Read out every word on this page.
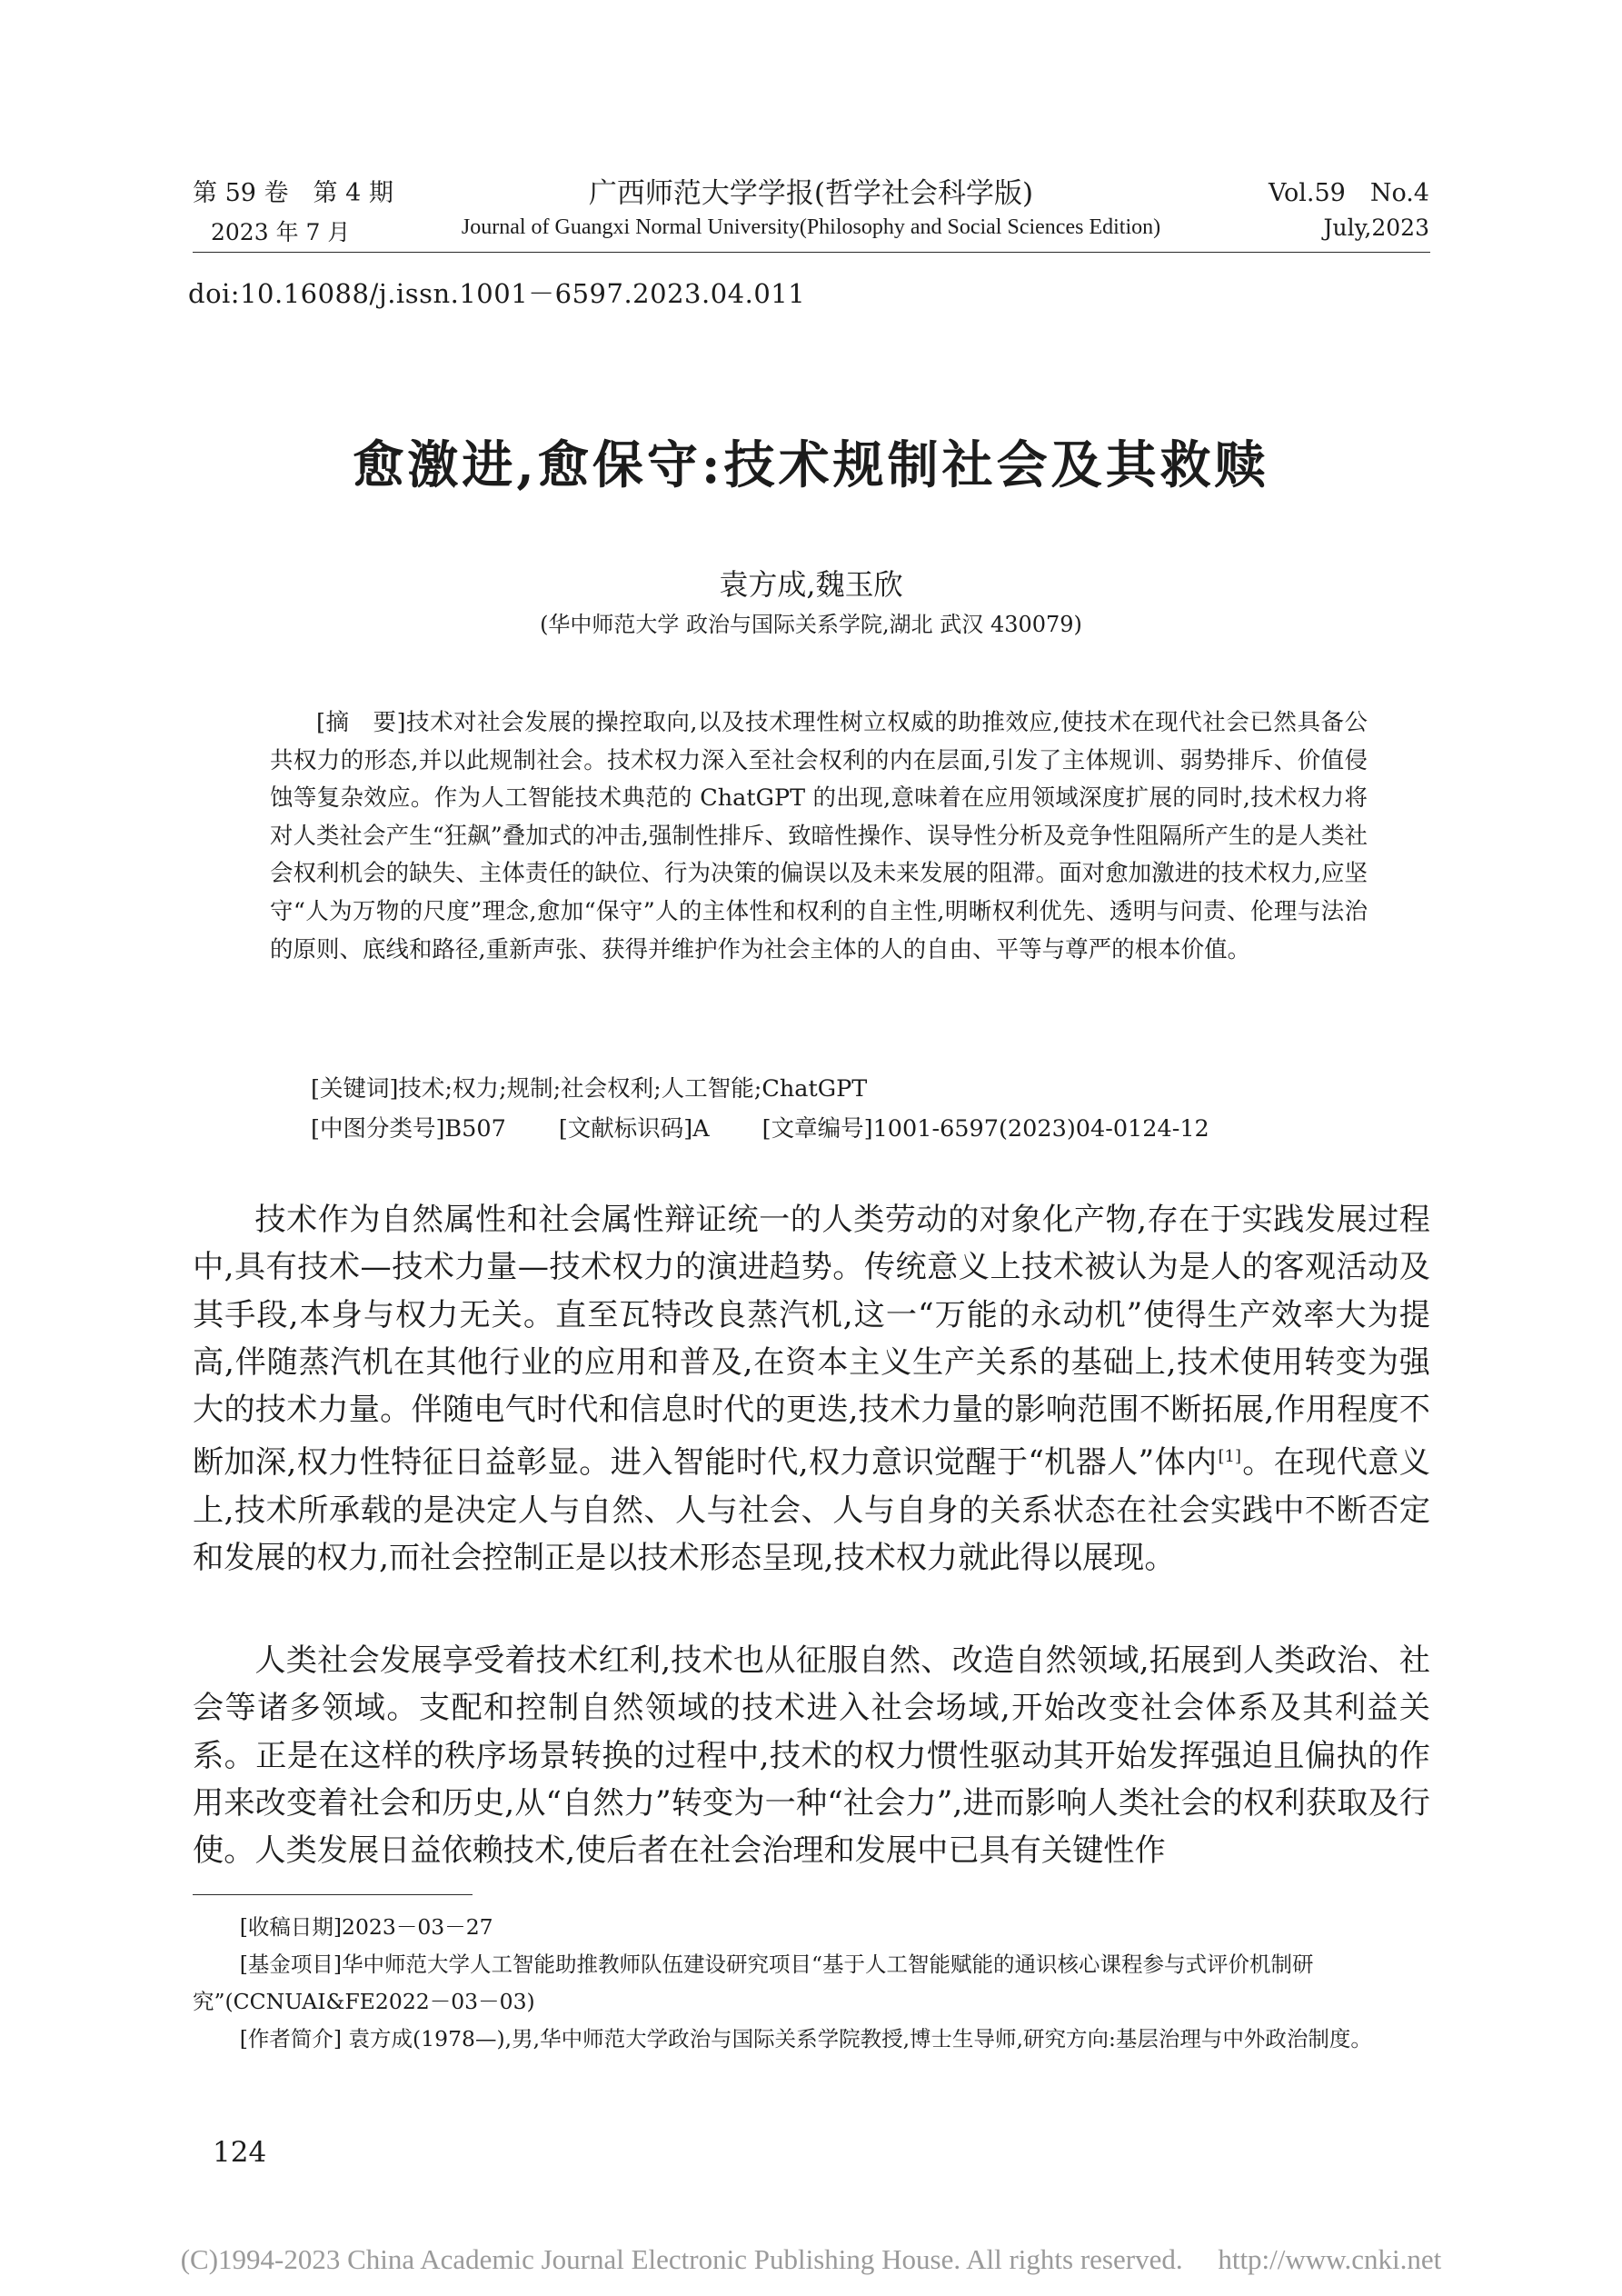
第 59 卷　第 4 期	广西师范大学学报(哲学社会科学版)	Vol.59　No.4
2023 年 7 月	Journal of Guangxi Normal University(Philosophy and Social Sciences Edition)	July,2023
doi:10.16088/j.issn.1001－6597.2023.04.011
愈激进,愈保守:技术规制社会及其救赎
袁方成,魏玉欣
(华中师范大学 政治与国际关系学院,湖北 武汉 430079)
[摘　要]技术对社会发展的操控取向,以及技术理性树立权威的助推效应,使技术在现代社会已然具备公共权力的形态,并以此规制社会。技术权力深入至社会权利的内在层面,引发了主体规训、弱势排斥、价值侵蚀等复杂效应。作为人工智能技术典范的 ChatGPT 的出现,意味着在应用领域深度扩展的同时,技术权力将对人类社会产生“狂飙”叠加式的冲击,强制性排斥、致暗性操作、误导性分析及竞争性阻隔所产生的是人类社会权利机会的缺失、主体责任的缺位、行为决策的偏误以及未来发展的阻滞。面对愈加激进的技术权力,应坚守“人为万物的尺度”理念,愈加“保守”人的主体性和权利的自主性,明晰权利优先、透明与问责、伦理与法治的原则、底线和路径,重新声张、获得并维护作为社会主体的人的自由、平等与尊严的根本价值。
[关键词]技术;权力;规制;社会权利;人工智能;ChatGPT
[中图分类号]B507 [文献标识码]A [文章编号]1001-6597(2023)04-0124-12

技术作为自然属性和社会属性辩证统一的人类劳动的对象化产物,存在于实践发展过程中,具有技术—技术力量—技术权力的演进趋势。传统意义上技术被认为是人的客观活动及其手段,本身与权力无关。直至瓦特改良蒸汽机,这一“万能的永动机”使得生产效率大为提高,伴随蒸汽机在其他行业的应用和普及,在资本主义生产关系的基础上,技术使用转变为强大的技术力量。伴随电气时代和信息时代的更迭,技术力量的影响范围不断拓展,作用程度不断加深,权力性特征日益彰显。进入智能时代,权力意识觉醒于“机器人”体内[1]。在现代意义上,技术所承载的是决定人与自然、人与社会、人与自身的关系状态在社会实践中不断否定和发展的权力,而社会控制正是以技术形态呈现,技术权力就此得以展现。

人类社会发展享受着技术红利,技术也从征服自然、改造自然领域,拓展到人类政治、社会等诸多领域。支配和控制自然领域的技术进入社会场域,开始改变社会体系及其利益关系。正是在这样的秩序场景转换的过程中,技术的权力惯性驱动其开始发挥强迫且偏执的作用来改变着社会和历史,从“自然力”转变为一种“社会力”,进而影响人类社会的权利获取及行使。人类发展日益依赖技术,使后者在社会治理和发展中已具有关键性作

[收稿日期]2023－03－27

[基金项目]华中师范大学人工智能助推教师队伍建设研究项目“基于人工智能赋能的通识核心课程参与式评价机制研究”(CCNUAI&FE2022－03－03)

[作者简介] 袁方成(1978—),男,华中师范大学政治与国际关系学院教授,博士生导师,研究方向:基层治理与中外政治制度。

124
(C)1994-2023 China Academic Journal Electronic Publishing House. All rights reserved.　 http://www.cnki.net
